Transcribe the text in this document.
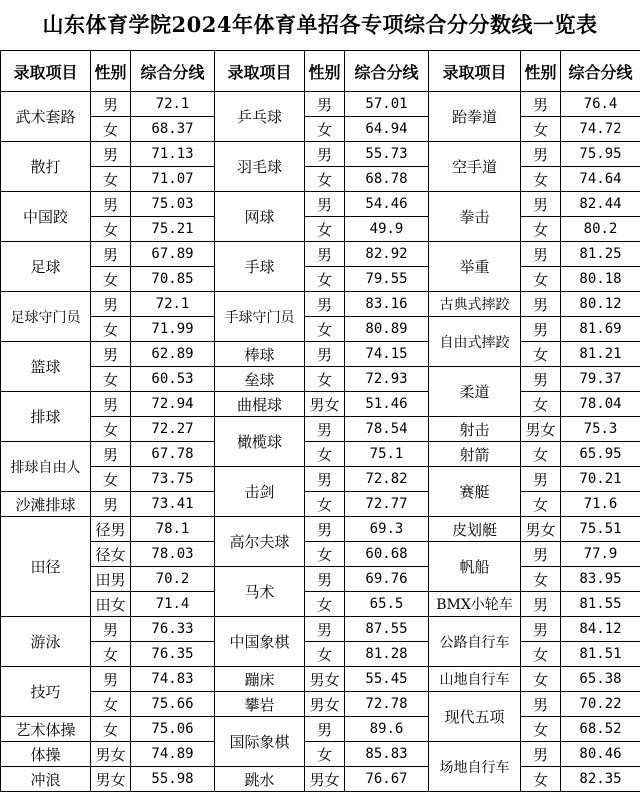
山东体育学院2024年体育单招各专项综合分分数线一览表
录取项目	性别	综合分线	录取项目	性别	综合分线	录取项目	性别	综合分线
武术套路	男	72.1	乒乓球	男	57.01	跆拳道	男	76.4
	女	68.37		女	64.94		女	74.72
散打	男	71.13	羽毛球	男	55.73	空手道	男	75.95
	女	71.07		女	68.78		女	74.64
中国跤	男	75.03	网球	男	54.46	拳击	男	82.44
	女	75.21		女	49.9		女	80.2
足球	男	67.89	手球	男	82.92	举重	男	81.25
	女	70.85		女	79.55		女	80.18
足球守门员	男	72.1	手球守门员	男	83.16	古典式摔跤	男	80.12
	女	71.99		女	80.89	自由式摔跤	男	81.69
篮球	男	62.89	棒球	男	74.15		女	81.21
	女	60.53	垒球	女	72.93	柔道	男	79.37
排球	男	72.94	曲棍球	男女	51.46		女	78.04
	女	72.27	橄榄球	男	78.54	射击	男女	75.3
排球自由人	男	67.78		女	75.1	射箭	女	65.95
	女	73.75	击剑	男	72.82	赛艇	男	70.21
沙滩排球	男	73.41		女	72.77		女	71.6
田径	径男	78.1	高尔夫球	男	69.3	皮划艇	男女	75.51
	径女	78.03		女	60.68	帆船	男	77.9
	田男	70.2	马术	男	69.76		女	83.95
	田女	71.4		女	65.5	BMX小轮车	男	81.55
游泳	男	76.33	中国象棋	男	87.55	公路自行车	男	84.12
	女	76.35		女	81.28		女	81.51
技巧	男	74.83	蹦床	男女	55.45	山地自行车	女	65.38
	女	75.66	攀岩	男女	72.78	现代五项	男	70.22
艺术体操	女	75.06	国际象棋	男	89.6		女	68.52
体操	男女	74.89		女	85.83	场地自行车	男	80.46
冲浪	男女	55.98	跳水	男女	76.67		女	82.35
